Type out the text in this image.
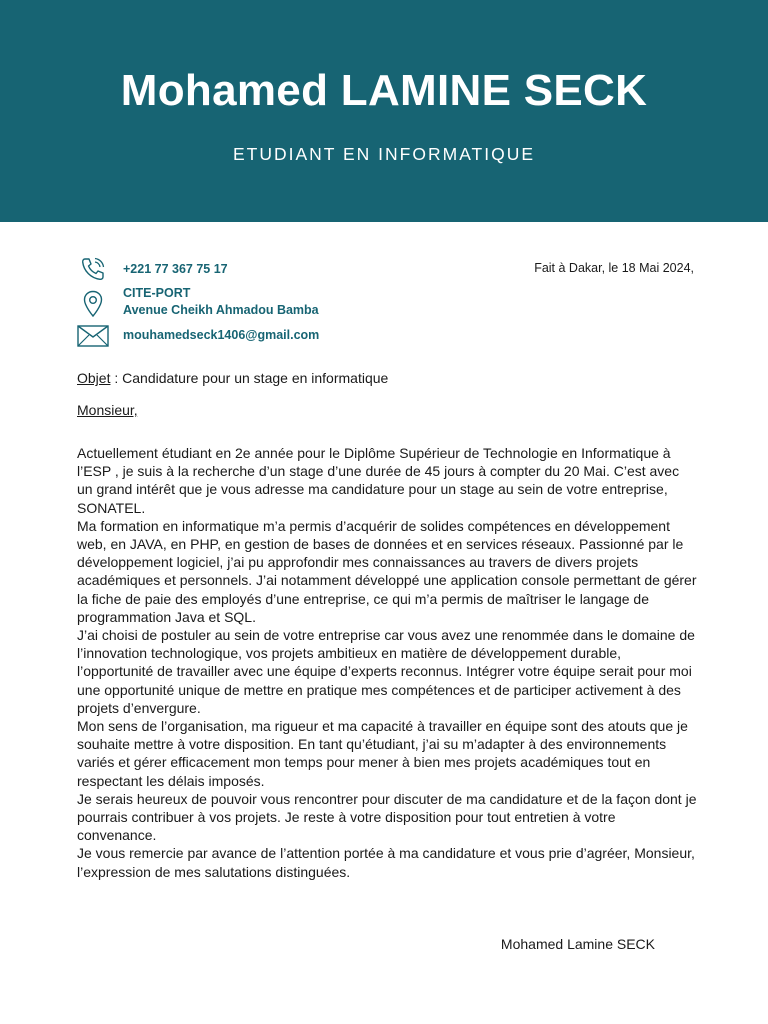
Mohamed LAMINE SECK
ETUDIANT EN INFORMATIQUE
+221 77 367 75 17
CITE-PORT
Avenue Cheikh Ahmadou Bamba
mouhamedseck1406@gmail.com
Fait à Dakar, le 18 Mai 2024,
Objet : Candidature pour un stage en informatique
Monsieur,

Actuellement étudiant en 2e année pour le Diplôme Supérieur de Technologie en Informatique à l’ESP , je suis à la recherche d’un stage d’une durée de 45 jours à compter du 20 Mai. C’est avec un grand intérêt que je vous adresse ma candidature pour un stage au sein de votre entreprise, SONATEL.

Ma formation en informatique m’a permis d’acquérir de solides compétences en développement web, en JAVA, en PHP, en gestion de bases de données et en services réseaux. Passionné par le développement logiciel, j’ai pu approfondir mes connaissances au travers de divers projets académiques et personnels. J’ai notamment développé une application console permettant de gérer la fiche de paie des employés d’une entreprise, ce qui m’a permis de maîtriser le langage de programmation Java et SQL.

J’ai choisi de postuler au sein de votre entreprise car vous avez une renommée dans le domaine de l’innovation technologique, vos projets ambitieux en matière de développement durable, l’opportunité de travailler avec une équipe d’experts reconnus. Intégrer votre équipe serait pour moi une opportunité unique de mettre en pratique mes compétences et de participer activement à des projets d’envergure.

Mon sens de l’organisation, ma rigueur et ma capacité à travailler en équipe sont des atouts que je souhaite mettre à votre disposition. En tant qu’étudiant, j’ai su m’adapter à des environnements variés et gérer efficacement mon temps pour mener à bien mes projets académiques tout en respectant les délais imposés.

Je serais heureux de pouvoir vous rencontrer pour discuter de ma candidature et de la façon dont je pourrais contribuer à vos projets. Je reste à votre disposition pour tout entretien à votre convenance.

Je vous remercie par avance de l’attention portée à ma candidature et vous prie d’agréer, Monsieur, l’expression de mes salutations distinguées.

Mohamed Lamine SECK
